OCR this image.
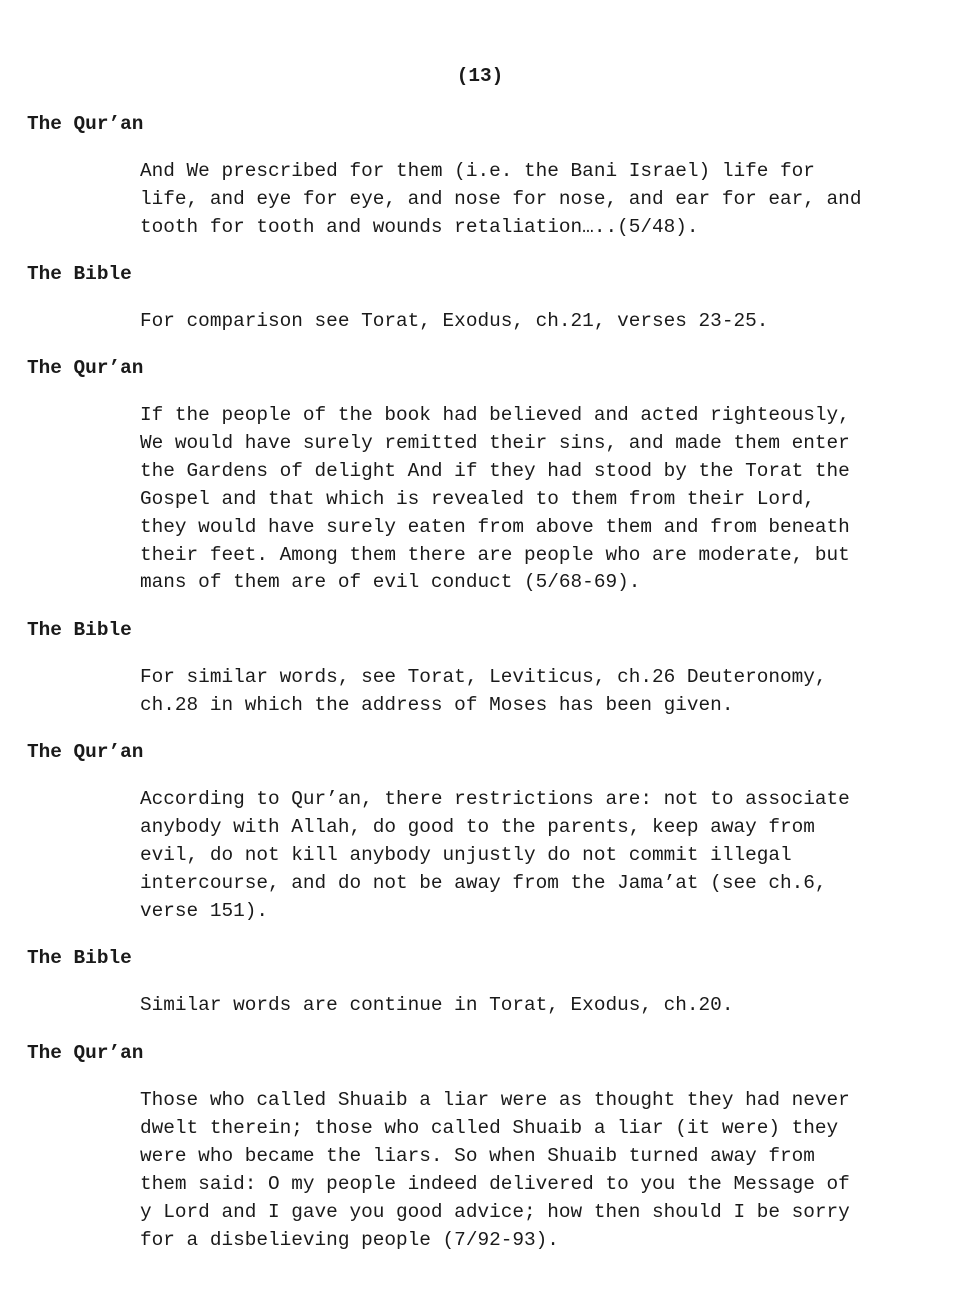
(13)
The Qur’an
And We prescribed for them (i.e. the Bani Israel) life for
life, and eye for eye, and nose for nose, and ear for ear, and
tooth for tooth and wounds retaliation…..(5/48).
The Bible
For comparison see Torat, Exodus, ch.21, verses 23-25.
The Qur’an
If the people of the book had believed and acted righteously,
We would have surely remitted their sins, and made them enter
the Gardens of delight And if they had stood by the Torat the
Gospel and that which is revealed to them from their Lord,
they would have surely eaten from above them and from beneath
their feet. Among them there are people who are moderate, but
mans of them are of evil conduct (5/68-69).
The Bible
For similar words, see Torat, Leviticus, ch.26 Deuteronomy,
ch.28 in which the address of Moses has been given.
The Qur’an
According to Qur’an, there restrictions are: not to associate
anybody with Allah, do good to the parents, keep away from
evil, do not kill anybody unjustly do not commit illegal
intercourse, and do not be away from the Jama’at (see ch.6,
verse 151).
The Bible
Similar words are continue in Torat, Exodus, ch.20.
The Qur’an
Those who called Shuaib a liar were as thought they had never
dwelt therein; those who called Shuaib a liar (it were) they
were who became the liars. So when Shuaib turned away from
them said: O my people indeed delivered to you the Message of
y Lord and I gave you good advice; how then should I be sorry
for a disbelieving people (7/92-93).
